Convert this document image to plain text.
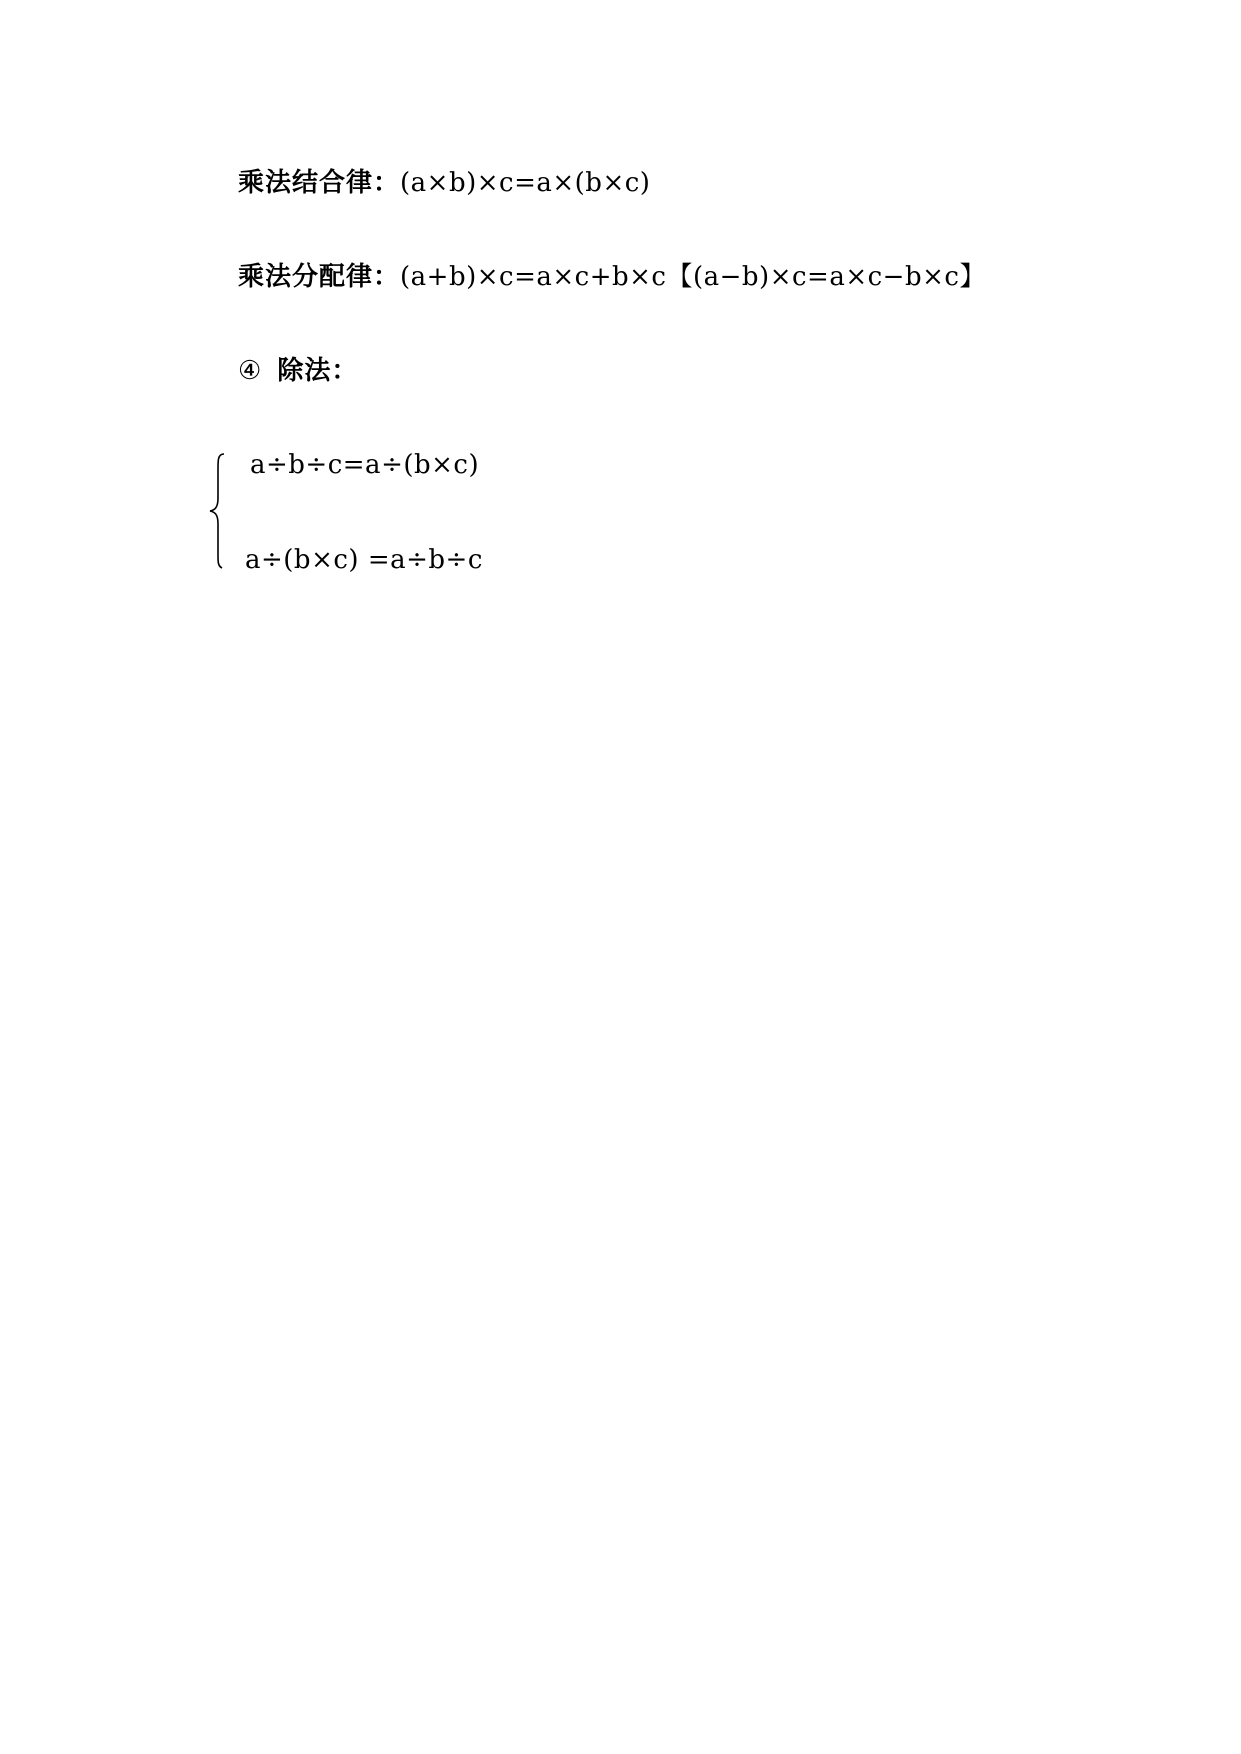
乘法结合律：(a×b)×c=a×(b×c)
乘法分配律：(a+b)×c=a×c+b×c【(a−b)×c=a×c−b×c】
④ 除法：
a÷b÷c=a÷(b×c)
a÷(b×c) =a÷b÷c
